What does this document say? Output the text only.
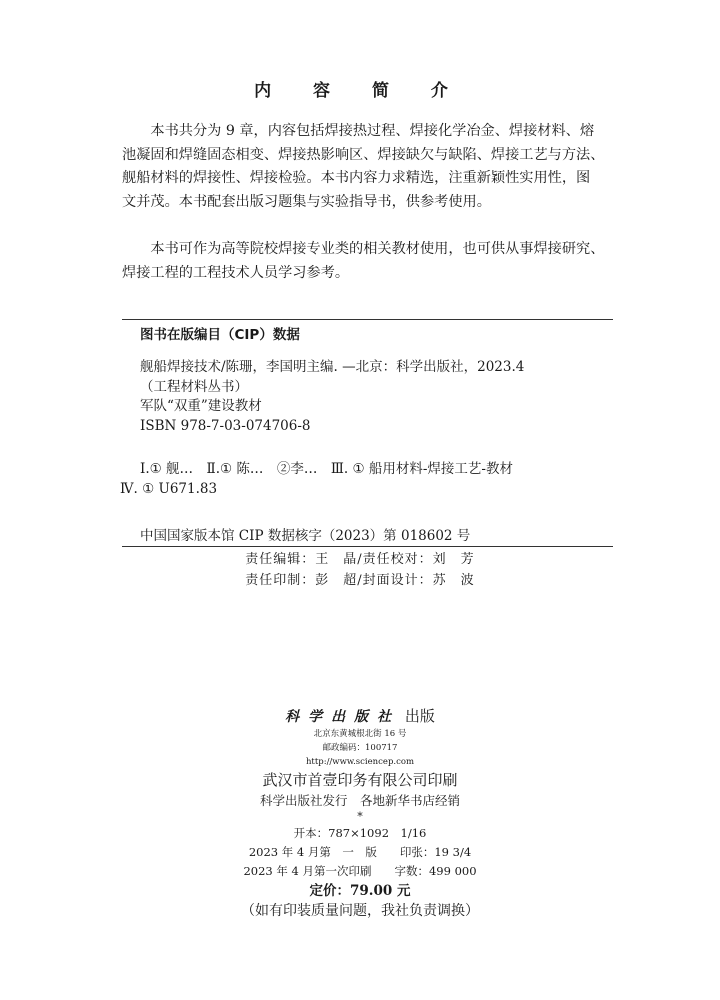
内 容 简 介
　　本书共分为 9 章，内容包括焊接热过程、焊接化学冶金、焊接材料、熔
池凝固和焊缝固态相变、焊接热影响区、焊接缺欠与缺陷、焊接工艺与方法、
舰船材料的焊接性、焊接检验。本书内容力求精选，注重新颖性实用性，图
文并茂。本书配套出版习题集与实验指导书，供参考使用。
　　本书可作为高等院校焊接专业类的相关教材使用，也可供从事焊接研究、
焊接工程的工程技术人员学习参考。
图书在版编目（CIP）数据
舰船焊接技术/陈珊，李国明主编. —北京：科学出版社，2023.4
（工程材料丛书）
军队“双重”建设教材
ISBN 978-7-03-074706-8
Ⅰ.① 舰…　Ⅱ.① 陈…　②李…　Ⅲ. ① 船用材料-焊接工艺-教材
Ⅳ. ① U671.83
中国国家版本馆 CIP 数据核字（2023）第 018602 号
责任编辑：王　晶/责任校对：刘　芳
责任印制：彭　超/封面设计：苏　波
科学出版社 出版
北京东黄城根北街 16 号
邮政编码：100717
http://www.sciencep.com
武汉市首壹印务有限公司印刷
科学出版社发行　各地新华书店经销
*
开本：787×1092　1/16
2023 年 4 月第　一　版　　印张：19 3/4
2023 年 4 月第一次印刷　　字数：499 000
定价：79.00 元
（如有印装质量问题，我社负责调换）
